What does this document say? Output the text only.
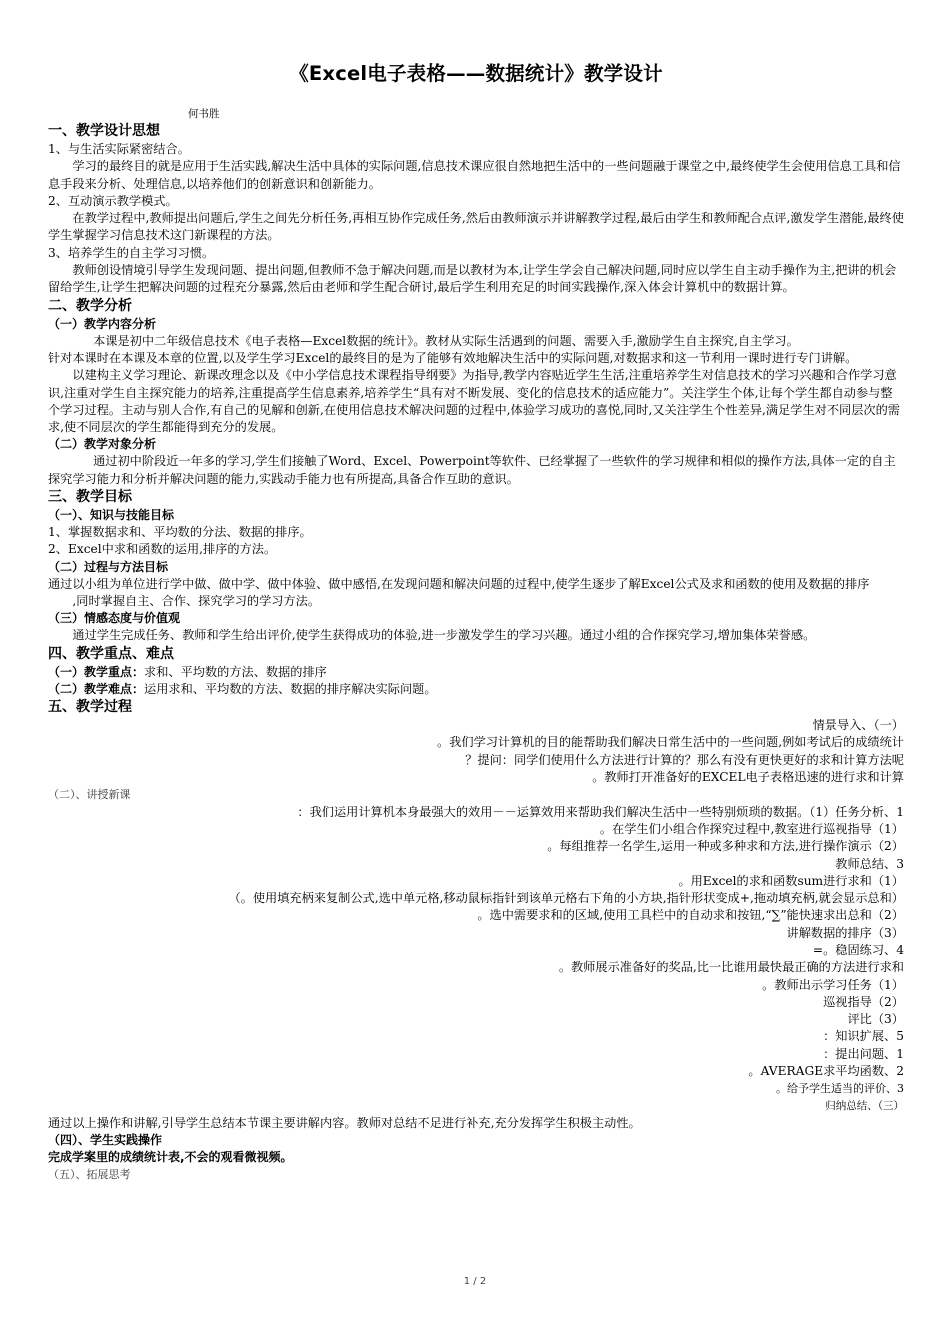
《Excel电子表格——数据统计》教学设计
何书胜

一、教学设计思想

1、与生活实际紧密结合。

学习的最终目的就是应用于生活实践,解决生活中具体的实际问题,信息技术课应很自然地把生活中的一些问题融于课堂之中,最终使学生会使用信息工具和信息手段来分析、处理信息,以培养他们的创新意识和创新能力。

2、互动演示教学模式。

在教学过程中,教师提出问题后,学生之间先分析任务,再相互协作完成任务,然后由教师演示并讲解教学过程,最后由学生和教师配合点评,激发学生潜能,最终使学生掌握学习信息技术这门新课程的方法。

3、培养学生的自主学习习惯。

教师创设情境引导学生发现问题、提出问题,但教师不急于解决问题,而是以教材为本,让学生学会自己解决问题,同时应以学生自主动手操作为主,把讲的机会留给学生,让学生把解决问题的过程充分暴露,然后由老师和学生配合研讨,最后学生利用充足的时间实践操作,深入体会计算机中的数据计算。

二、教学分析

（一）教学内容分析

本课是初中二年级信息技术《电子表格—Excel数据的统计》。教材从实际生活遇到的问题、需要入手,激励学生自主探究,自主学习。

针对本课时在本课及本章的位置,以及学生学习Excel的最终目的是为了能够有效地解决生活中的实际问题,对数据求和这一节利用一课时进行专门讲解。

以建构主义学习理论、新课改理念以及《中小学信息技术课程指导纲要》为指导,教学内容贴近学生生活,注重培养学生对信息技术的学习兴趣和合作学习意识,注重对学生自主探究能力的培养,注重提高学生信息素养,培养学生“具有对不断发展、变化的信息技术的适应能力”。关注学生个体,让每个学生都自动参与整个学习过程。主动与别人合作,有自己的见解和创新,在使用信息技术解决问题的过程中,体验学习成功的喜悦,同时,又关注学生个性差异,满足学生对不同层次的需求,使不同层次的学生都能得到充分的发展。

（二）教学对象分析

通过初中阶段近一年多的学习,学生们接触了Word、Excel、Powerpoint等软件、已经掌握了一些软件的学习规律和相似的操作方法,具体一定的自主探究学习能力和分析并解决问题的能力,实践动手能力也有所提高,具备合作互助的意识。

三、教学目标

（一）、知识与技能目标

1、掌握数据求和、平均数的分法、数据的排序。

2、Excel中求和函数的运用,排序的方法。

（二）过程与方法目标

通过以小组为单位进行学中做、做中学、做中体验、做中感悟,在发现问题和解决问题的过程中,使学生逐步了解Excel公式及求和函数的使用及数据的排序

,同时掌握自主、合作、探究学习的学习方法。

（三）情感态度与价值观

通过学生完成任务、教师和学生给出评价,使学生获得成功的体验,进一步激发学生的学习兴趣。通过小组的合作探究学习,增加集体荣誉感。

四、教学重点、难点

（一）教学重点：求和、平均数的方法、数据的排序

（二）教学难点：运用求和、平均数的方法、数据的排序解决实际问题。

五、教学过程

情景导入、（一）

。我们学习计算机的目的能帮助我们解决日常生活中的一些问题,例如考试后的成绩统计

？提问：同学们使用什么方法进行计算的？那么有没有更快更好的求和计算方法呢

。教师打开准备好的EXCEL电子表格迅速的进行求和计算

（二）、讲授新课

：我们运用计算机本身最强大的效用－－运算效用来帮助我们解决生活中一些特别烦琐的数据。（1）任务分析、1

。在学生们小组合作探究过程中,教室进行巡视指导（1）

。每组推荐一名学生,运用一种或多种求和方法,进行操作演示（2）

教师总结、3

。用Excel的求和函数sum进行求和（1）

（。使用填充柄来复制公式,选中单元格,移动鼠标指针到该单元格右下角的小方块,指针形状变成+,拖动填充柄,就会显示总和）

。选中需要求和的区域,使用工具栏中的自动求和按钮,“∑”能快速求出总和（2）

讲解数据的排序（3）

=。稳固练习、4

。教师展示准备好的奖品,比一比谁用最快最正确的方法进行求和

。教师出示学习任务（1）

巡视指导（2）

评比（3）

：知识扩展、5

：提出问题、1

。AVERAGE求平均函数、2

。给予学生适当的评价、3

归纳总结、（三）

通过以上操作和讲解,引导学生总结本节课主要讲解内容。教师对总结不足进行补充,充分发挥学生积极主动性。

（四）、学生实践操作

完成学案里的成绩统计表,不会的观看微视频。

（五）、拓展思考

1 / 2
